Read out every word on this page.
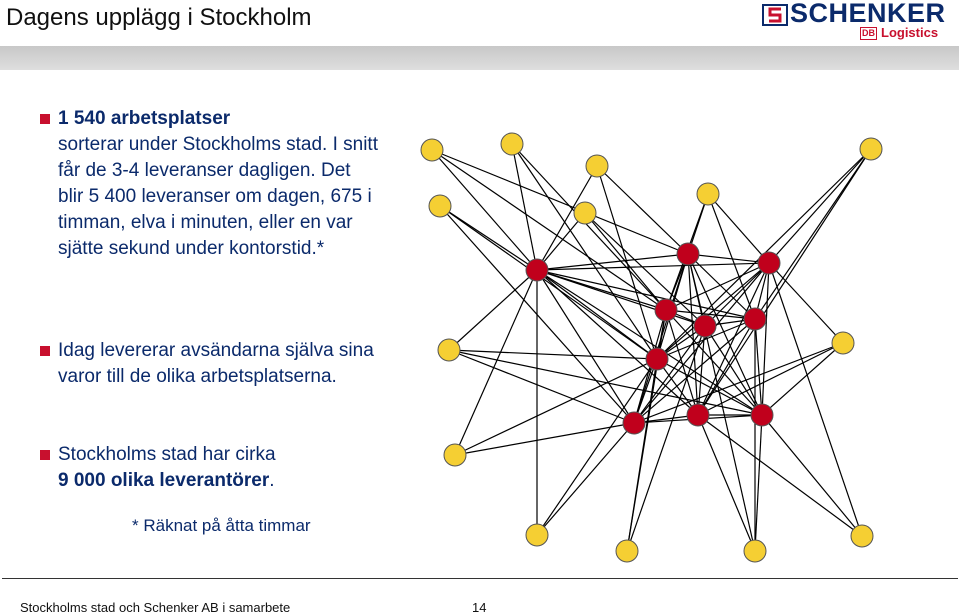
Dagens upplägg i Stockholm	SCHENKER
DB Logistics
1 540 arbetsplatser
sorterar under Stockholms stad. I snitt får de 3-4 leveranser dagligen. Det blir 5 400 leveranser om dagen, 675 i timman, elva i minuten, eller en var sjätte sekund under kontorstid.*
Idag levererar avsändarna själva sina varor till de olika arbetsplatserna.
Stockholms stad har cirka
9 000 olika leverantörer.
* Räknat på åtta timmar
Stockholms stad och Schenker AB i samarbete	14
